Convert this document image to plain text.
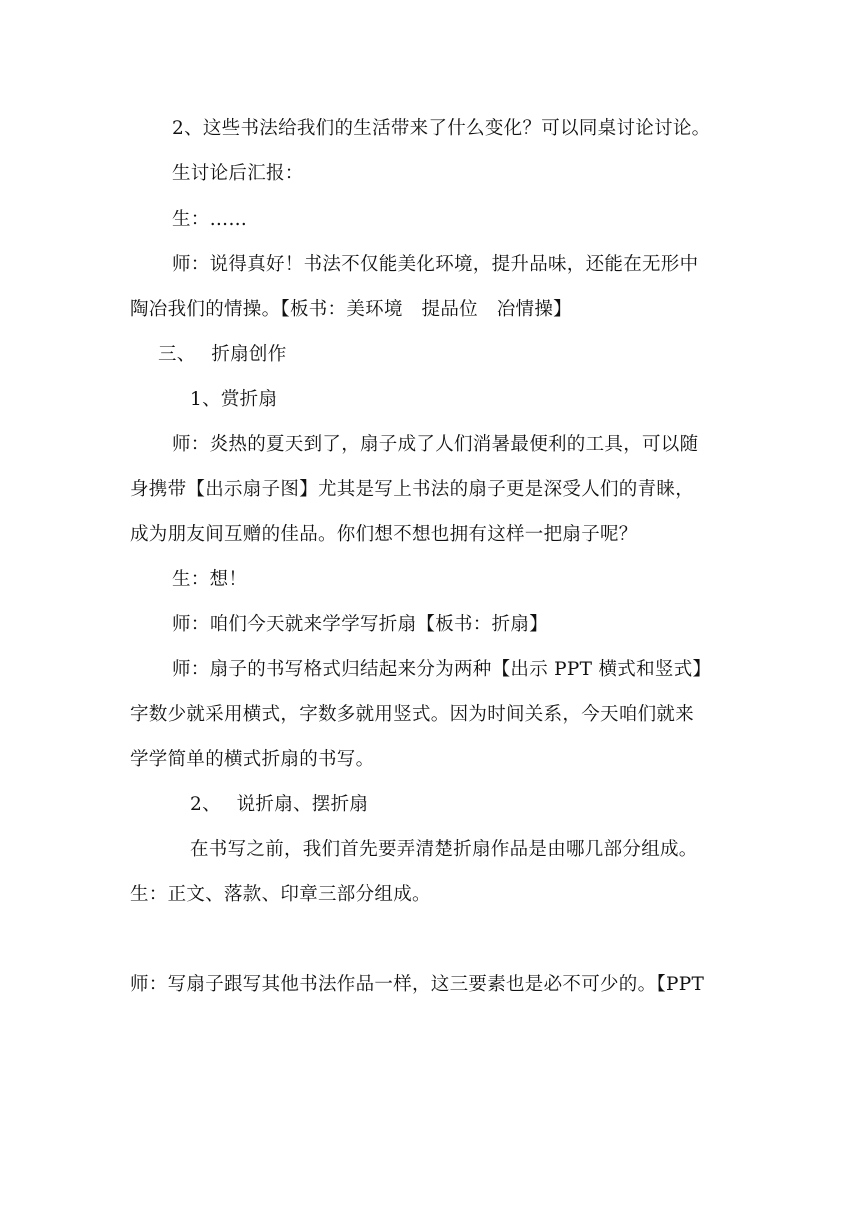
2、这些书法给我们的生活带来了什么变化？可以同桌讨论讨论。
生讨论后汇报：
生：……
师：说得真好！书法不仅能美化环境，提升品味，还能在无形中
陶冶我们的情操。【板书：美环境　提品位　冶情操】
三、　 折扇创作
1、赏折扇
师：炎热的夏天到了，扇子成了人们消暑最便利的工具，可以随
身携带【出示扇子图】尤其是写上书法的扇子更是深受人们的青睐，
成为朋友间互赠的佳品。你们想不想也拥有这样一把扇子呢？
生：想！
师：咱们今天就来学学写折扇【板书：折扇】
师：扇子的书写格式归结起来分为两种【出示 PPT 横式和竖式】
字数少就采用横式，字数多就用竖式。因为时间关系，今天咱们就来
学学简单的横式折扇的书写。
2、　 说折扇、摆折扇
在书写之前，我们首先要弄清楚折扇作品是由哪几部分组成。
生：正文、落款、印章三部分组成。
师：写扇子跟写其他书法作品一样，这三要素也是必不可少的。【PPT
